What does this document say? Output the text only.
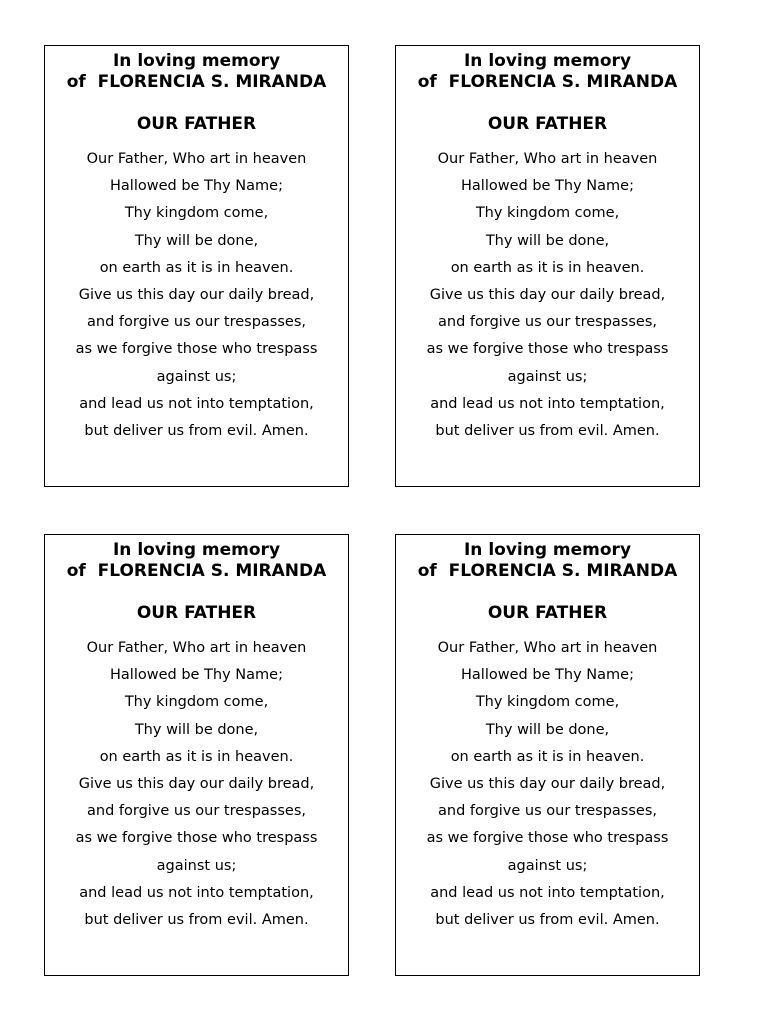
In loving memory
of  FLORENCIA S. MIRANDA
OUR FATHER
Our Father, Who art in heaven
Hallowed be Thy Name;
Thy kingdom come,
Thy will be done,
on earth as it is in heaven.
Give us this day our daily bread,
and forgive us our trespasses,
as we forgive those who trespass
against us;
and lead us not into temptation,
but deliver us from evil. Amen.
In loving memory
of  FLORENCIA S. MIRANDA
OUR FATHER
Our Father, Who art in heaven
Hallowed be Thy Name;
Thy kingdom come,
Thy will be done,
on earth as it is in heaven.
Give us this day our daily bread,
and forgive us our trespasses,
as we forgive those who trespass
against us;
and lead us not into temptation,
but deliver us from evil. Amen.
In loving memory
of  FLORENCIA S. MIRANDA
OUR FATHER
Our Father, Who art in heaven
Hallowed be Thy Name;
Thy kingdom come,
Thy will be done,
on earth as it is in heaven.
Give us this day our daily bread,
and forgive us our trespasses,
as we forgive those who trespass
against us;
and lead us not into temptation,
but deliver us from evil. Amen.
In loving memory
of  FLORENCIA S. MIRANDA
OUR FATHER
Our Father, Who art in heaven
Hallowed be Thy Name;
Thy kingdom come,
Thy will be done,
on earth as it is in heaven.
Give us this day our daily bread,
and forgive us our trespasses,
as we forgive those who trespass
against us;
and lead us not into temptation,
but deliver us from evil. Amen.
